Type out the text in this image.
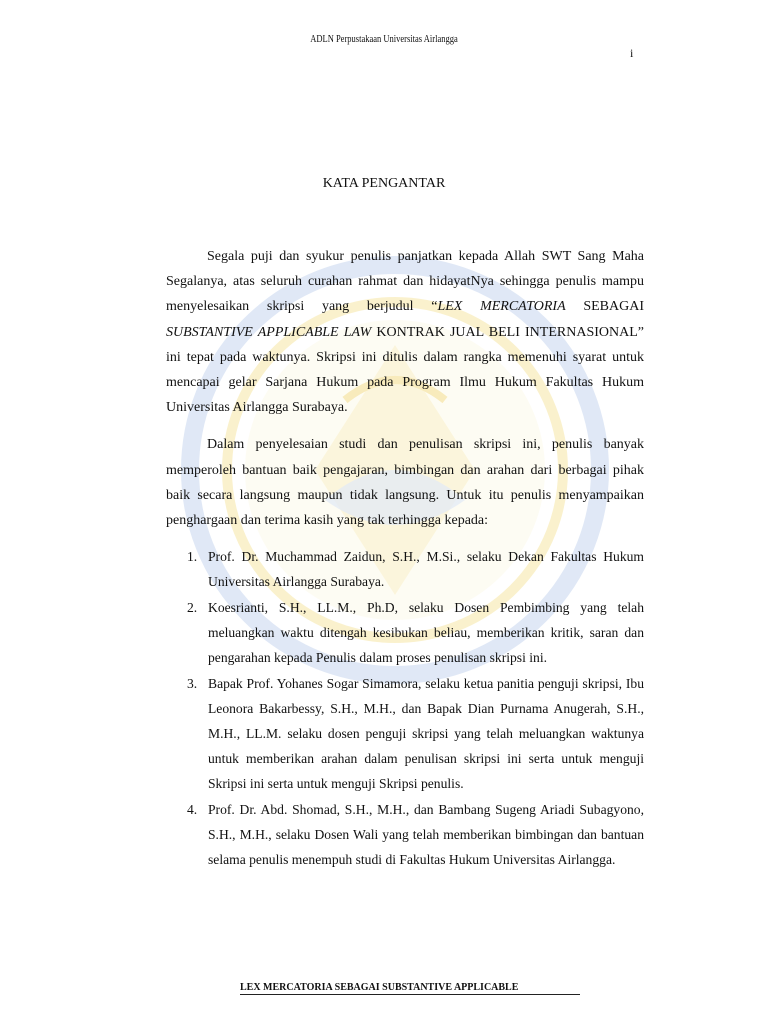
ADLN Perpustakaan Universitas Airlangga
i
KATA PENGANTAR

Segala puji dan syukur penulis panjatkan kepada Allah SWT Sang Maha Segalanya, atas seluruh curahan rahmat dan hidayatNya sehingga penulis mampu menyelesaikan skripsi yang berjudul “LEX MERCATORIA SEBAGAI SUBSTANTIVE APPLICABLE LAW KONTRAK JUAL BELI INTERNASIONAL” ini tepat pada waktunya. Skripsi ini ditulis dalam rangka memenuhi syarat untuk mencapai gelar Sarjana Hukum pada Program Ilmu Hukum Fakultas Hukum Universitas Airlangga Surabaya.

Dalam penyelesaian studi dan penulisan skripsi ini, penulis banyak memperoleh bantuan baik pengajaran, bimbingan dan arahan dari berbagai pihak baik secara langsung maupun tidak langsung. Untuk itu penulis menyampaikan penghargaan dan terima kasih yang tak terhingga kepada:

1. Prof. Dr. Muchammad Zaidun, S.H., M.Si., selaku Dekan Fakultas Hukum Universitas Airlangga Surabaya.
2. Koesrianti, S.H., LL.M., Ph.D, selaku Dosen Pembimbing yang telah meluangkan waktu ditengah kesibukan beliau, memberikan kritik, saran dan pengarahan kepada Penulis dalam proses penulisan skripsi ini.
3. Bapak Prof. Yohanes Sogar Simamora, selaku ketua panitia penguji skripsi, Ibu Leonora Bakarbessy, S.H., M.H., dan Bapak Dian Purnama Anugerah, S.H., M.H., LL.M. selaku dosen penguji skripsi yang telah meluangkan waktunya untuk memberikan arahan dalam penulisan skripsi ini serta untuk menguji Skripsi ini serta untuk menguji Skripsi penulis.
4. Prof. Dr. Abd. Shomad, S.H., M.H., dan Bambang Sugeng Ariadi Subagyono, S.H., M.H., selaku Dosen Wali yang telah memberikan bimbingan dan bantuan selama penulis menempuh studi di Fakultas Hukum Universitas Airlangga.
LEX MERCATORIA SEBAGAI SUBSTANTIVE APPLICABLE
